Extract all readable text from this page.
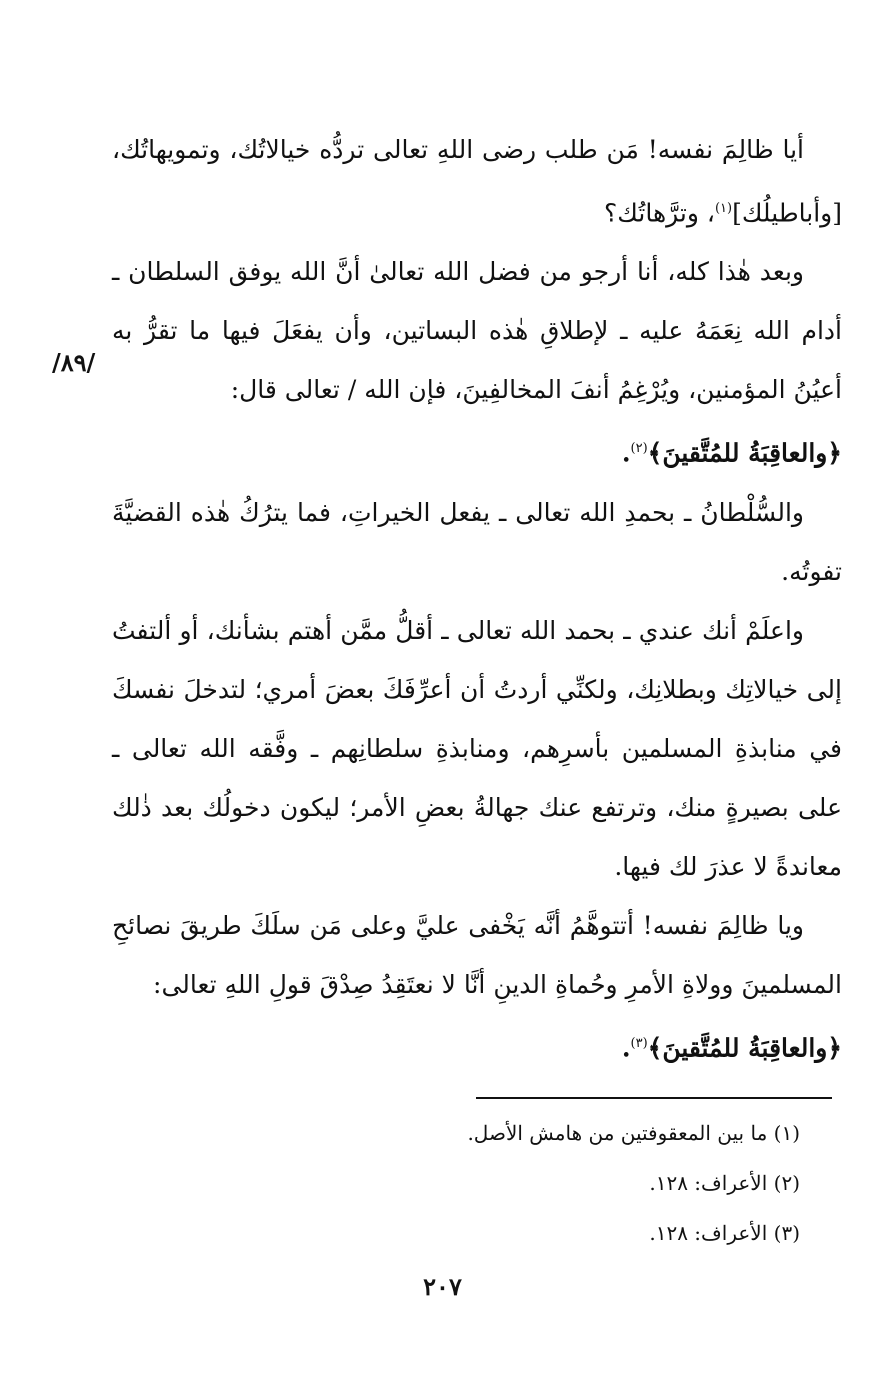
أيا ظالِمَ نفسه! مَن طلب رضى اللهِ تعالى تردُّه خيالاتُك، وتمويهاتُك، [وأباطيلُك]$^{(١)}$، وترَّهاتُك؟

وبعد هٰذا كله، أنا أرجو من فضل الله تعالىٰ أنَّ الله يوفق السلطان ـ أدام الله نِعَمَهُ عليه ـ لإطلاقِ هٰذه البساتين، وأن يفعَلَ فيها ما تقرُّ به أعيُنُ المؤمنين، ويُرْغِمُ أنفَ المخالفِينَ، فإن الله / تعالى قال:

﴿والعاقِبَةُ للمُتَّقينَ﴾$^{(٢)}$.

والسُّلْطانُ ـ بحمدِ الله تعالى ـ يفعل الخيراتِ، فما يترُكُ هٰذه القضيَّةَ تفوتُه.

واعلَمْ أنك عندي ـ بحمد الله تعالى ـ أقلُّ ممَّن أهتم بشأنك، أو ألتفتُ إلى خيالاتِك وبطلانِك، ولكنِّي أردتُ أن أعرِّفَكَ بعضَ أمري؛ لتدخلَ نفسكَ في منابذةِ المسلمين بأسرِهم، ومنابذةِ سلطانِهم ـ وفَّقه الله تعالى ـ على بصيرةٍ منك، وترتفع عنك جهالةُ بعضِ الأمر؛ ليكون دخولُك بعد ذٰلك معاندةً لا عذرَ لك فيها.

ويا ظالِمَ نفسه! أتتوهَّمُ أنَّه يَخْفى عليَّ وعلى مَن سلَكَ طريقَ نصائحِ المسلمينَ وولاةِ الأمرِ وحُماةِ الدينِ أنَّا لا نعتَقِدُ صِدْقَ قولِ اللهِ تعالى:

﴿والعاقِبَةُ للمُتَّقينَ﴾$^{(٣)}$.

/٨٩/

(١) ما بين المعقوفتين من هامش الأصل.

(٢) الأعراف: ١٢٨.

(٣) الأعراف: ١٢٨.

٢٠٧
